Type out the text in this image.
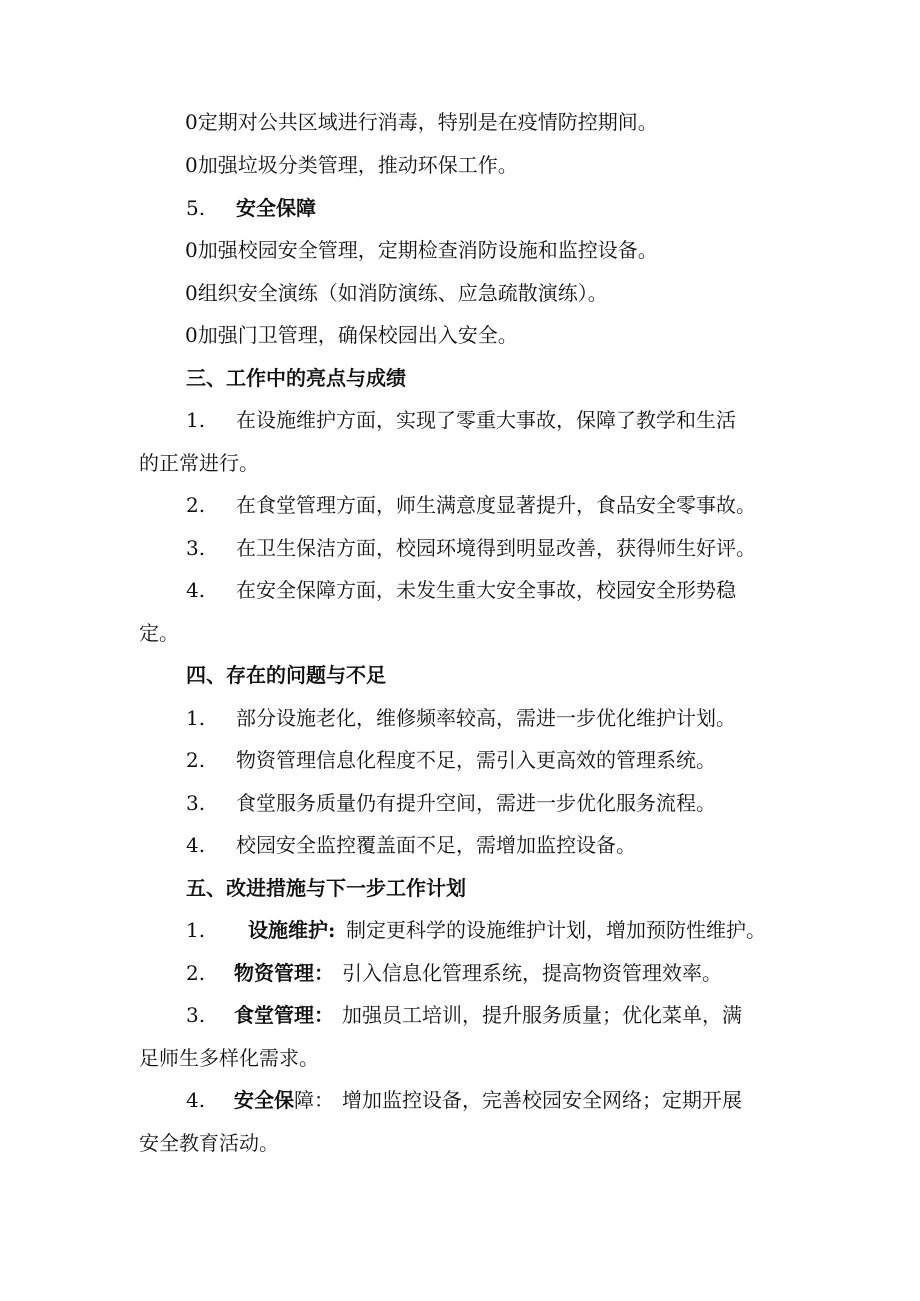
0定期对公共区域进行消毒，特别是在疫情防控期间。
0加强垃圾分类管理，推动环保工作。
5. 安全保障
0加强校园安全管理，定期检查消防设施和监控设备。
0组织安全演练（如消防演练、应急疏散演练）。
0加强门卫管理，确保校园出入安全。
三、工作中的亮点与成绩
1. 在设施维护方面，实现了零重大事故，保障了教学和生活
的正常进行。
2. 在食堂管理方面，师生满意度显著提升，食品安全零事故。
3. 在卫生保洁方面，校园环境得到明显改善，获得师生好评。
4. 在安全保障方面，未发生重大安全事故，校园安全形势稳
定。
四、存在的问题与不足
1. 部分设施老化，维修频率较高，需进一步优化维护计划。
2. 物资管理信息化程度不足，需引入更高效的管理系统。
3. 食堂服务质量仍有提升空间，需进一步优化服务流程。
4. 校园安全监控覆盖面不足，需增加监控设备。
五、改进措施与下一步工作计划
1. 设施维护: 制定更科学的设施维护计划，增加预防性维护。
2. 物资管理： 引入信息化管理系统，提高物资管理效率。
3. 食堂管理： 加强员工培训，提升服务质量；优化菜单，满
足师生多样化需求。
4. 安全保障： 增加监控设备，完善校园安全网络；定期开展
安全教育活动。
